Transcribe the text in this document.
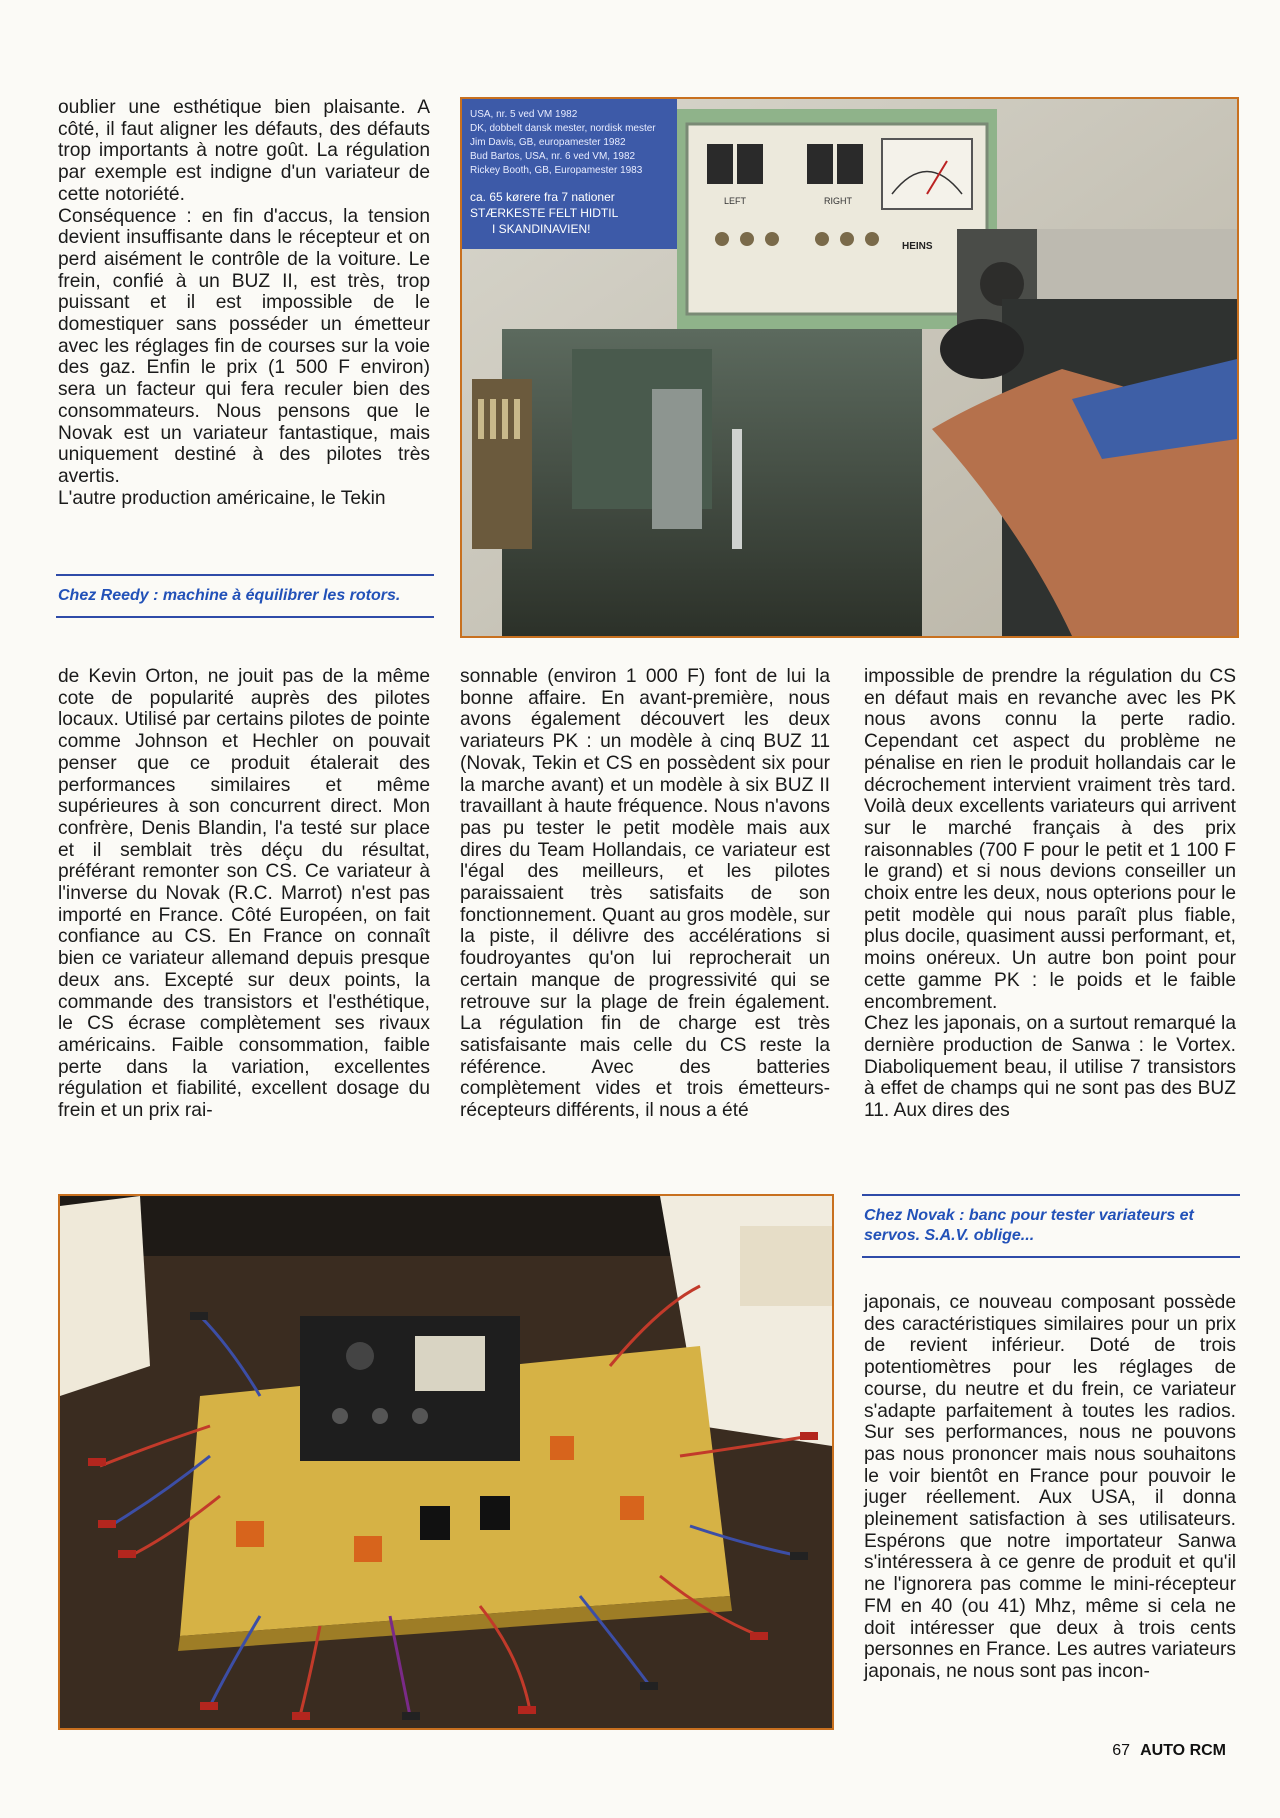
oublier une esthétique bien plaisante. A côté, il faut aligner les défauts, des défauts trop importants à notre goût. La régulation par exemple est indigne d'un variateur de cette notoriété.

Conséquence : en fin d'accus, la tension devient insuffisante dans le récepteur et on perd aisément le contrôle de la voiture. Le frein, confié à un BUZ II, est très, trop puissant et il est impossible de le domestiquer sans posséder un émetteur avec les réglages fin de courses sur la voie des gaz. Enfin le prix (1 500 F environ) sera un facteur qui fera reculer bien des consommateurs. Nous pensons que le Novak est un variateur fantastique, mais uniquement destiné à des pilotes très avertis.

L'autre production américaine, le Tekin

Chez Reedy : machine à équilibrer les rotors.
USA, nr. 5 ved VM 1982
DK, dobbelt dansk mester, nordisk mester
Jim Davis, GB, europamester 1982
Bud Bartos, USA, nr. 6 ved VM, 1982
Rickey Booth, GB, Europamester 1983
ca. 65 kørere fra 7 nationer
STÆRKESTE FELT HIDTIL
I SKANDINAVIEN!
LEFT	RIGHT
HEINS

de Kevin Orton, ne jouit pas de la même cote de popularité auprès des pilotes locaux. Utilisé par certains pilotes de pointe comme Johnson et Hechler on pouvait penser que ce produit étalerait des performances similaires et même supérieures à son concurrent direct. Mon confrère, Denis Blandin, l'a testé sur place et il semblait très déçu du résultat, préférant remonter son CS. Ce variateur à l'inverse du Novak (R.C. Marrot) n'est pas importé en France. Côté Européen, on fait confiance au CS. En France on connaît bien ce variateur allemand depuis presque deux ans. Excepté sur deux points, la commande des transistors et l'esthétique, le CS écrase complètement ses rivaux américains. Faible consommation, faible perte dans la variation, excellentes régulation et fiabilité, excellent dosage du frein et un prix rai-

sonnable (environ 1 000 F) font de lui la bonne affaire. En avant-première, nous avons également découvert les deux variateurs PK : un modèle à cinq BUZ 11 (Novak, Tekin et CS en possèdent six pour la marche avant) et un modèle à six BUZ II travaillant à haute fréquence. Nous n'avons pas pu tester le petit modèle mais aux dires du Team Hollandais, ce variateur est l'égal des meilleurs, et les pilotes paraissaient très satisfaits de son fonctionnement. Quant au gros modèle, sur la piste, il délivre des accélérations si foudroyantes qu'on lui reprocherait un certain manque de progressivité qui se retrouve sur la plage de frein également. La régulation fin de charge est très satisfaisante mais celle du CS reste la référence. Avec des batteries complètement vides et trois émetteurs-récepteurs différents, il nous a été

impossible de prendre la régulation du CS en défaut mais en revanche avec les PK nous avons connu la perte radio. Cependant cet aspect du problème ne pénalise en rien le produit hollandais car le décrochement intervient vraiment très tard. Voilà deux excellents variateurs qui arrivent sur le marché français à des prix raisonnables (700 F pour le petit et 1 100 F le grand) et si nous devions conseiller un choix entre les deux, nous opterions pour le petit modèle qui nous paraît plus fiable, plus docile, quasiment aussi performant, et, moins onéreux. Un autre bon point pour cette gamme PK : le poids et le faible encombrement.

Chez les japonais, on a surtout remarqué la dernière production de Sanwa : le Vortex. Diaboliquement beau, il utilise 7 transistors à effet de champs qui ne sont pas des BUZ 11. Aux dires des

Chez Novak : banc pour tester variateurs et servos. S.A.V. oblige...

japonais, ce nouveau composant possède des caractéristiques similaires pour un prix de revient inférieur. Doté de trois potentiomètres pour les réglages de course, du neutre et du frein, ce variateur s'adapte parfaitement à toutes les radios. Sur ses performances, nous ne pouvons pas nous prononcer mais nous souhaitons le voir bientôt en France pour pouvoir le juger réellement. Aux USA, il donna pleinement satisfaction à ses utilisateurs. Espérons que notre importateur Sanwa s'intéressera à ce genre de produit et qu'il ne l'ignorera pas comme le mini-récepteur FM en 40 (ou 41) Mhz, même si cela ne doit intéresser que deux à trois cents personnes en France. Les autres variateurs japonais, ne nous sont pas incon-

67 AUTO RCM
